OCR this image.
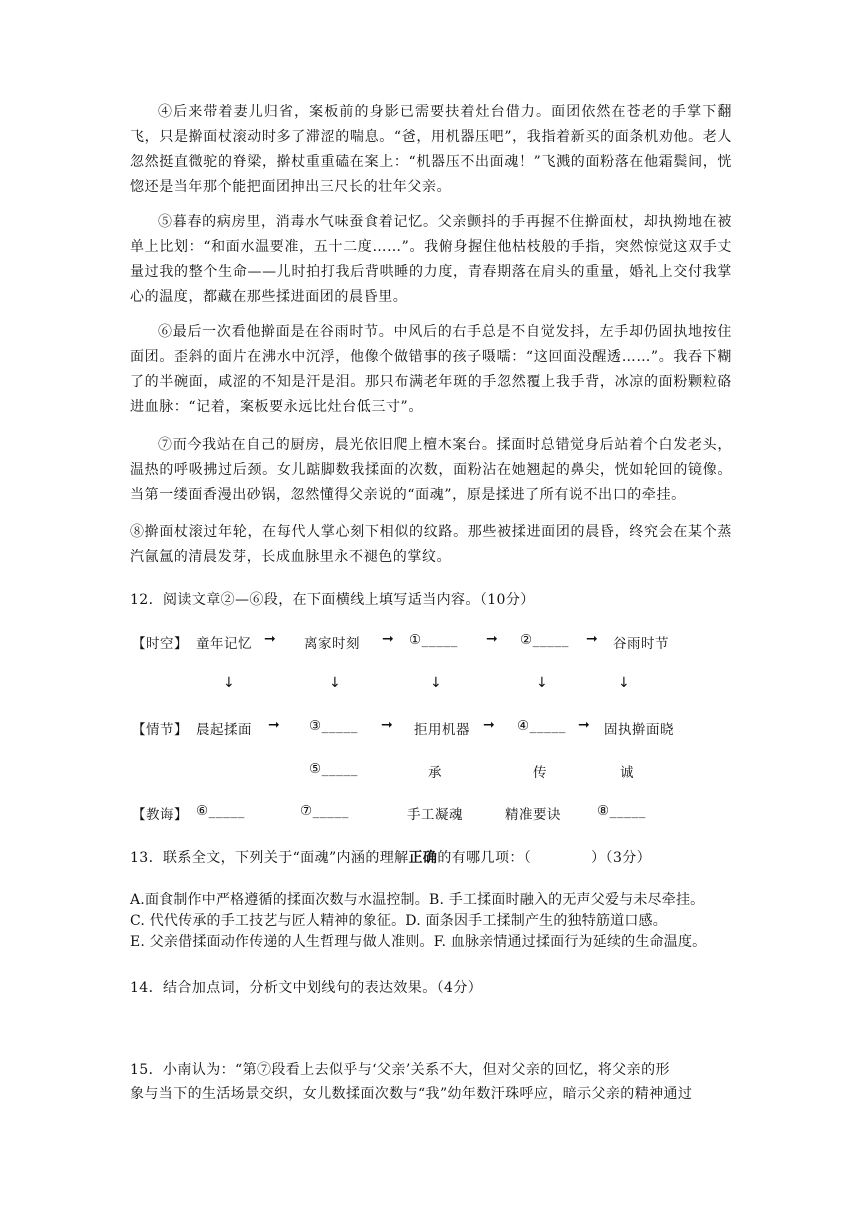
④后来带着妻儿归省，案板前的身影已需要扶着灶台借力。面团依然在苍老的手掌下翻飞，只是擀面杖滚动时多了滞涩的喘息。“爸，用机器压吧”，我指着新买的面条机劝他。老人忽然挺直微驼的脊梁，擀杖重重磕在案上：“机器压不出面魂！”飞溅的面粉落在他霜鬓间，恍惚还是当年那个能把面团抻出三尺长的壮年父亲。

⑤暮春的病房里，消毒水气味蚕食着记忆。父亲颤抖的手再握不住擀面杖，却执拗地在被单上比划：“和面水温要准，五十二度……”。我俯身握住他枯枝般的手指，突然惊觉这双手丈量过我的整个生命——儿时拍打我后背哄睡的力度，青春期落在肩头的重量，婚礼上交付我掌心的温度，都藏在那些揉进面团的晨昏里。

⑥最后一次看他擀面是在谷雨时节。中风后的右手总是不自觉发抖，左手却仍固执地按住面团。歪斜的面片在沸水中沉浮，他像个做错事的孩子嗫嚅：“这回面没醒透……”。我吞下糊了的半碗面，咸涩的不知是汗是泪。那只布满老年斑的手忽然覆上我手背，冰凉的面粉颗粒硌进血脉：“记着，案板要永远比灶台低三寸”。

⑦而今我站在自己的厨房，晨光依旧爬上檀木案台。揉面时总错觉身后站着个白发老头，温热的呼吸拂过后颈。女儿踮脚数我揉面的次数，面粉沾在她翘起的鼻尖，恍如轮回的镜像。当第一缕面香漫出砂锅，忽然懂得父亲说的“面魂”，原是揉进了所有说不出口的牵挂。

⑧擀面杖滚过年轮，在每代人掌心刻下相似的纹路。那些被揉进面团的晨昏，终究会在某个蒸汽氤氲的清晨发芽，长成血脉里永不褪色的掌纹。

12．阅读文章②—⑥段，在下面横线上填写适当内容。（10分）

【时空】 童年记忆 ➞ 离家时刻 ➞ ①_____ ➞ ②_____ ➞ 谷雨时节
↓	↓	↓	↓	↓
【情节】 晨起揉面 ➞ ③_____ ➞ 拒用机器 ➞ ④_____ ➞ 固执擀面晓
⑤_____	承	传	诚
【教诲】 ⑥_____	⑦_____	手工凝魂	精准要诀	⑧_____

13．联系全文，下列关于“面魂”内涵的理解正确的有哪几项：（	）（3分）

A.面食制作中严格遵循的揉面次数与水温控制。B. 手工揉面时融入的无声父爱与未尽牵挂。
C. 代代传承的手工技艺与匠人精神的象征。D. 面条因手工揉制产生的独特筋道口感。
E. 父亲借揉面动作传递的人生哲理与做人准则。F. 血脉亲情通过揉面行为延续的生命温度。

14．结合加点词，分析文中划线句的表达效果。（4分）

15．小南认为：“第⑦段看上去似乎与‘父亲’关系不大，但对父亲的回忆，将父亲的形

象与当下的生活场景交织，女儿数揉面次数与“我”幼年数汗珠呼应，暗示父亲的精神通过
